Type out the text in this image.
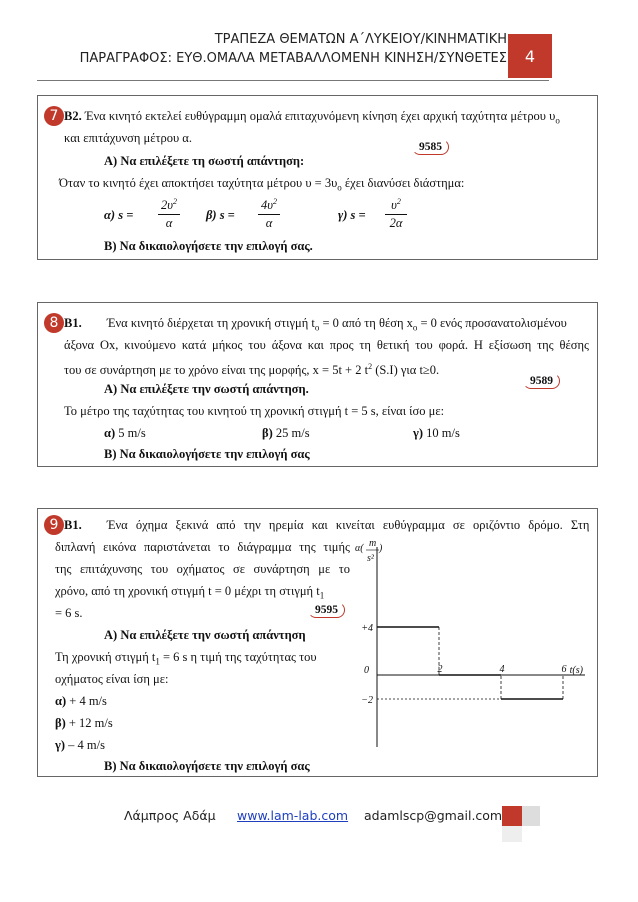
ΤΡΑΠΕΖΑ ΘΕΜΑΤΩΝ Α΄ΛΥΚΕΙΟΥ/ΚΙΝΗΜΑΤΙΚΗ
ΠΑΡΑΓΡΑΦΟΣ: ΕΥΘ.ΟΜΑΛΑ ΜΕΤΑΒΑΛΛΟΜΕΝΗ ΚΙΝΗΣΗ/ΣΥΝΘΕΤΕΣ	4
7 Β2. Ένα κινητό εκτελεί ευθύγραμμη ομαλά επιταχυνόμενη κίνηση έχει αρχική ταχύτητα μέτρου $\upsilon_o$
και επιτάχυνση μέτρου α.
9585
Α) Να επιλέξετε τη σωστή απάντηση:
Όταν το κινητό έχει αποκτήσει ταχύτητα μέτρου $\upsilon = 3\upsilon_o$ έχει διανύσει διάστημα:
α) s =
$2\upsilon^2$
α
β) s =
$4\upsilon^2$
α
γ) s =
$\upsilon^2$
2α
Β) Να δικαιολογήσετε την επιλογή σας.
8 Β1. Ένα κινητό διέρχεται τη χρονική στιγμή $t_o = 0$ από τη θέση $x_o = 0$ ενός προσανατολισμένου
άξονα Οx, κινούμενο κατά μήκος του άξονα και προς τη θετική του φορά. Η εξίσωση της θέσης
του σε συνάρτηση με το χρόνο είναι της μορφής, x = 5t + 2 $t^2$ (S.I) για t≥0.
Α) Να επιλέξετε την σωστή απάντηση.
9589
Το μέτρο της ταχύτητας του κινητού τη χρονική στιγμή t = 5 s, είναι ίσο με:
α) 5 m/s	β) 25 m/s	γ) 10 m/s
Β) Να δικαιολογήσετε την επιλογή σας
9 Β1. Ένα όχημα ξεκινά από την ηρεμία και κινείται ευθύγραμμα σε οριζόντιο δρόμο. Στη
διπλανή εικόνα παριστάνεται το διάγραμμα της τιμής
της επιτάχυνσης του οχήματος σε συνάρτηση με το
χρόνο, από τη χρονική στιγμή t = 0 μέχρι τη στιγμή $t_1$
= 6 s.	9595
Α) Να επιλέξετε την σωστή απάντηση
Τη χρονική στιγμή $t_1 = 6$ s η τιμή της ταχύτητας του
οχήματος είναι ίση με:
α) + 4 m/s
β) + 12 m/s
γ) – 4 m/s
Β) Να δικαιολογήσετε την επιλογή σας
α( m
s²
)
+4
−2
0	2	4	6 t(s)
Λάμπρος Αδάμ www.lam-lab.com adamlscp@gmail.com
